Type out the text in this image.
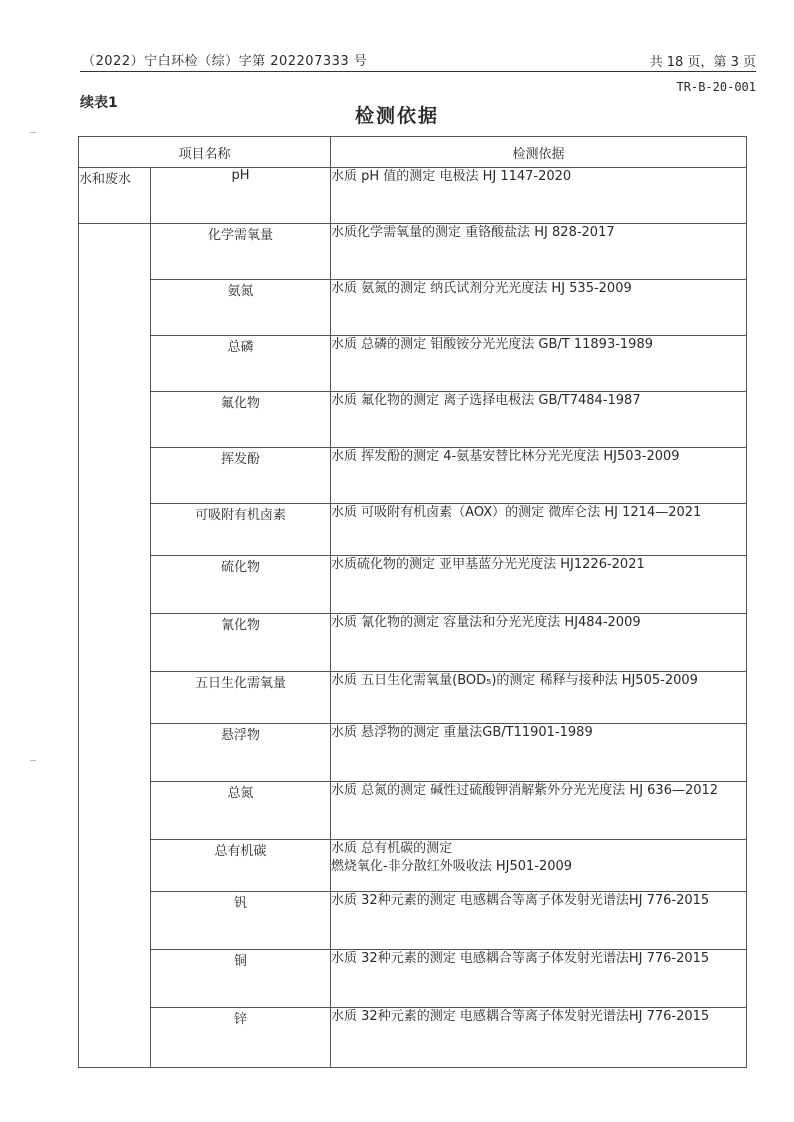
（2022）宁白环检（综）字第 202207333 号	共 18 页，第 3 页
TR-B-20-001
续表1
检测依据
项目名称		检测依据
水和废水	pH	水质 pH 值的测定 电极法 HJ 1147-2020
	化学需氧量	水质化学需氧量的测定 重铬酸盐法 HJ 828-2017
	氨氮	水质 氨氮的测定 纳氏试剂分光光度法 HJ 535-2009
	总磷	水质 总磷的测定 钼酸铵分光光度法 GB/T 11893-1989
	氟化物	水质 氟化物的测定 离子选择电极法 GB/T7484-1987
	挥发酚	水质 挥发酚的测定 4-氨基安替比林分光光度法 HJ503-2009
	可吸附有机卤素	水质 可吸附有机卤素（AOX）的测定 微库仑法 HJ 1214—2021
	硫化物	水质硫化物的测定 亚甲基蓝分光光度法 HJ1226-2021
	氰化物	水质 氰化物的测定 容量法和分光光度法 HJ484-2009
	五日生化需氧量	水质 五日生化需氧量(BOD₅)的测定 稀释与接种法 HJ505-2009
	悬浮物	水质 悬浮物的测定 重量法GB/T11901-1989
	总氮	水质 总氮的测定 碱性过硫酸钾消解紫外分光光度法 HJ 636—2012
	总有机碳	水质 总有机碳的测定
燃烧氧化-非分散红外吸收法 HJ501-2009
	钒	水质 32种元素的测定 电感耦合等离子体发射光谱法HJ 776-2015
	铜	水质 32种元素的测定 电感耦合等离子体发射光谱法HJ 776-2015
	锌	水质 32种元素的测定 电感耦合等离子体发射光谱法HJ 776-2015
